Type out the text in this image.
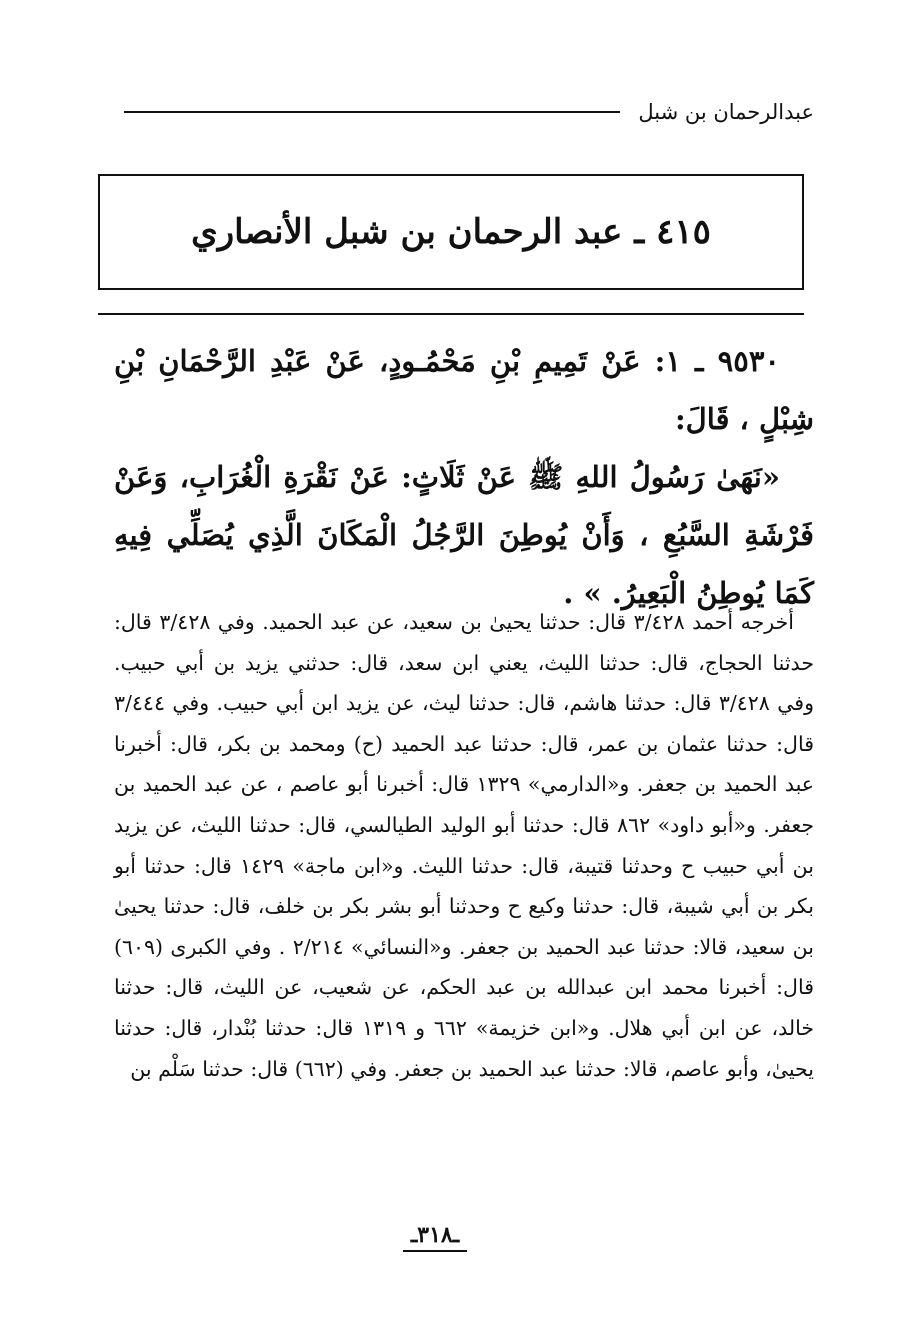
عبدالرحمان بن شبل
٤١٥ ـ عبد الرحمان بن شبل الأنصاري

٩٥٣٠ ـ ١: عَنْ تَمِيمِ بْنِ مَحْمُـودٍ، عَنْ عَبْدِ الرَّحْمَانِ بْنِ شِبْلٍ ، قَالَ:

«نَهَىٰ رَسُولُ اللهِ ﷺ عَنْ ثَلَاثٍ: عَنْ نَقْرَةِ الْغُرَابِ، وَعَنْ فَرْشَةِ السَّبُعِ ، وَأَنْ يُوطِنَ الرَّجُلُ الْمَكَانَ الَّذِي يُصَلِّي فِيهِ كَمَا يُوطِنُ الْبَعِيرُ. » .

أخرجه أحمد ٣/٤٢٨ قال: حدثنا يحيىٰ بن سعيد، عن عبد الحميد. وفي ٣/٤٢٨ قال: حدثنا الحجاج، قال: حدثنا الليث، يعني ابن سعد، قال: حدثني يزيد بن أبي حبيب. وفي ٣/٤٢٨ قال: حدثنا هاشم، قال: حدثنا ليث، عن يزيد ابن أبي حبيب. وفي ٣/٤٤٤ قال: حدثنا عثمان بن عمر، قال: حدثنا عبد الحميد (ح) ومحمد بن بكر، قال: أخبرنا عبد الحميد بن جعفر. و«الدارمي» ١٣٢٩ قال: أخبرنا أبو عاصم ، عن عبد الحميد بن جعفر. و«أبو داود» ٨٦٢ قال: حدثنا أبو الوليد الطيالسي، قال: حدثنا الليث، عن يزيد بن أبي حبيب ح وحدثنا قتيبة، قال: حدثنا الليث. و«ابن ماجة» ١٤٢٩ قال: حدثنا أبو بكر بن أبي شيبة، قال: حدثنا وكيع ح وحدثنا أبو بشر بكر بن خلف، قال: حدثنا يحيىٰ بن سعيد، قالا: حدثنا عبد الحميد بن جعفر. و«النسائي» ٢/٢١٤ . وفي الكبرى (٦٠٩) قال: أخبرنا محمد ابن عبدالله بن عبد الحكم، عن شعيب، عن الليث، قال: حدثنا خالد، عن ابن أبي هلال. و«ابن خزيمة» ٦٦٢ و ١٣١٩ قال: حدثنا بُنْدار، قال: حدثنا يحيىٰ، وأبو عاصم، قالا: حدثنا عبد الحميد بن جعفر. وفي (٦٦٢) قال: حدثنا سَلْم بن

ـ٣١٨ـ
